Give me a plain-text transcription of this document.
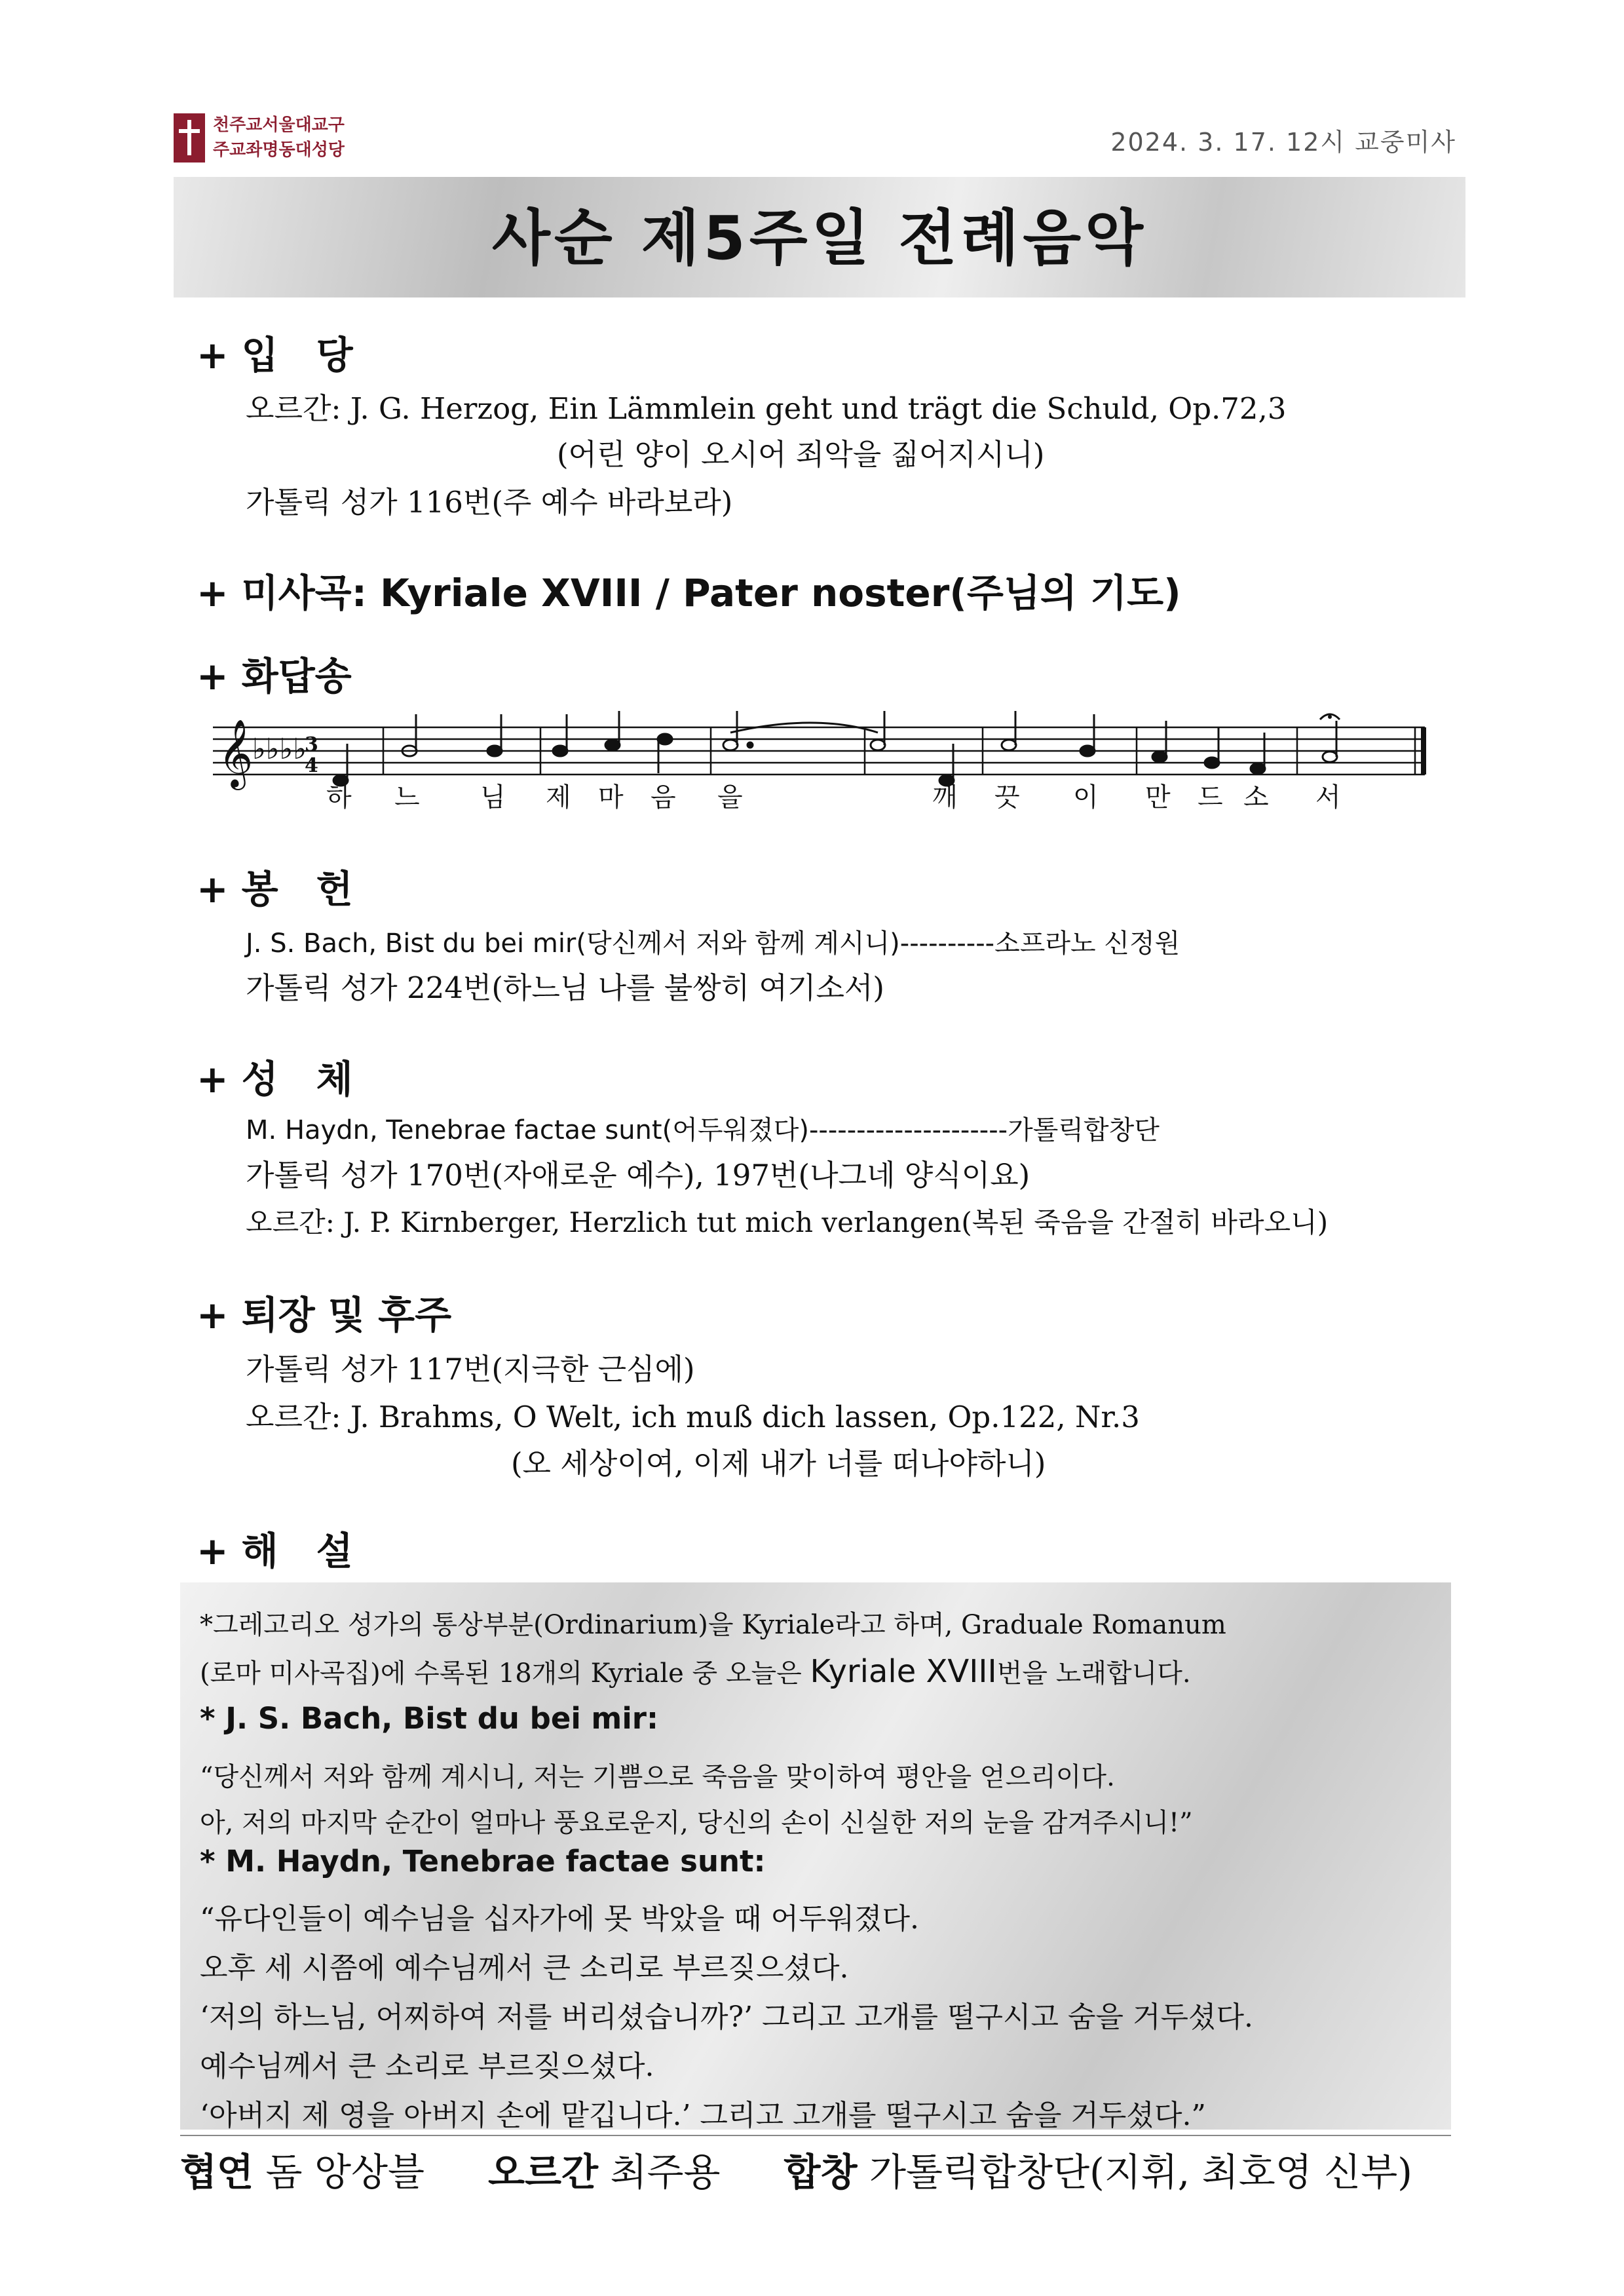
천주교서울대교구
주교좌명동대성당	2024. 3. 17. 12시 교중미사
사순 제5주일 전례음악
+ 입　당
오르간: J. G. Herzog, Ein Lämmlein geht und trägt die Schuld, Op.72,3
(어린 양이 오시어 죄악을 짊어지시니)
가톨릭 성가 116번(주 예수 바라보라)
+ 미사곡: Kyriale XVIII / Pater noster(주님의 기도)
+ 화답송
𝄞
♭♭♭♭
3
4
하 느 님 제 마 음 을	깨 끗 이 만 드 소 서
+ 봉　헌
J. S. Bach, Bist du bei mir(당신께서 저와 함께 계시니)----------소프라노 신정원
가톨릭 성가 224번(하느님 나를 불쌍히 여기소서)
+ 성　체
M. Haydn, Tenebrae factae sunt(어두워졌다)---------------------가톨릭합창단
가톨릭 성가 170번(자애로운 예수), 197번(나그네 양식이요)
오르간: J. P. Kirnberger, Herzlich tut mich verlangen(복된 죽음을 간절히 바라오니)
+ 퇴장 및 후주
가톨릭 성가 117번(지극한 근심에)
오르간: J. Brahms, O Welt, ich muß dich lassen, Op.122, Nr.3
(오 세상이여, 이제 내가 너를 떠나야하니)
+ 해　설
*그레고리오 성가의 통상부분(Ordinarium)을 Kyriale라고 하며, Graduale Romanum
(로마 미사곡집)에 수록된 18개의 Kyriale 중 오늘은 Kyriale XVIII번을 노래합니다.
* J. S. Bach, Bist du bei mir:
“당신께서 저와 함께 계시니, 저는 기쁨으로 죽음을 맞이하여 평안을 얻으리이다.
아, 저의 마지막 순간이 얼마나 풍요로운지, 당신의 손이 신실한 저의 눈을 감겨주시니!”
* M. Haydn, Tenebrae factae sunt:
“유다인들이 예수님을 십자가에 못 박았을 때 어두워졌다.
오후 세 시쯤에 예수님께서 큰 소리로 부르짖으셨다.
‘저의 하느님, 어찌하여 저를 버리셨습니까?’ 그리고 고개를 떨구시고 숨을 거두셨다.
예수님께서 큰 소리로 부르짖으셨다.
‘아버지 제 영을 아버지 손에 맡깁니다.’ 그리고 고개를 떨구시고 숨을 거두셨다.”
협연 돔 앙상블 오르간 최주용 합창 가톨릭합창단(지휘, 최호영 신부)
